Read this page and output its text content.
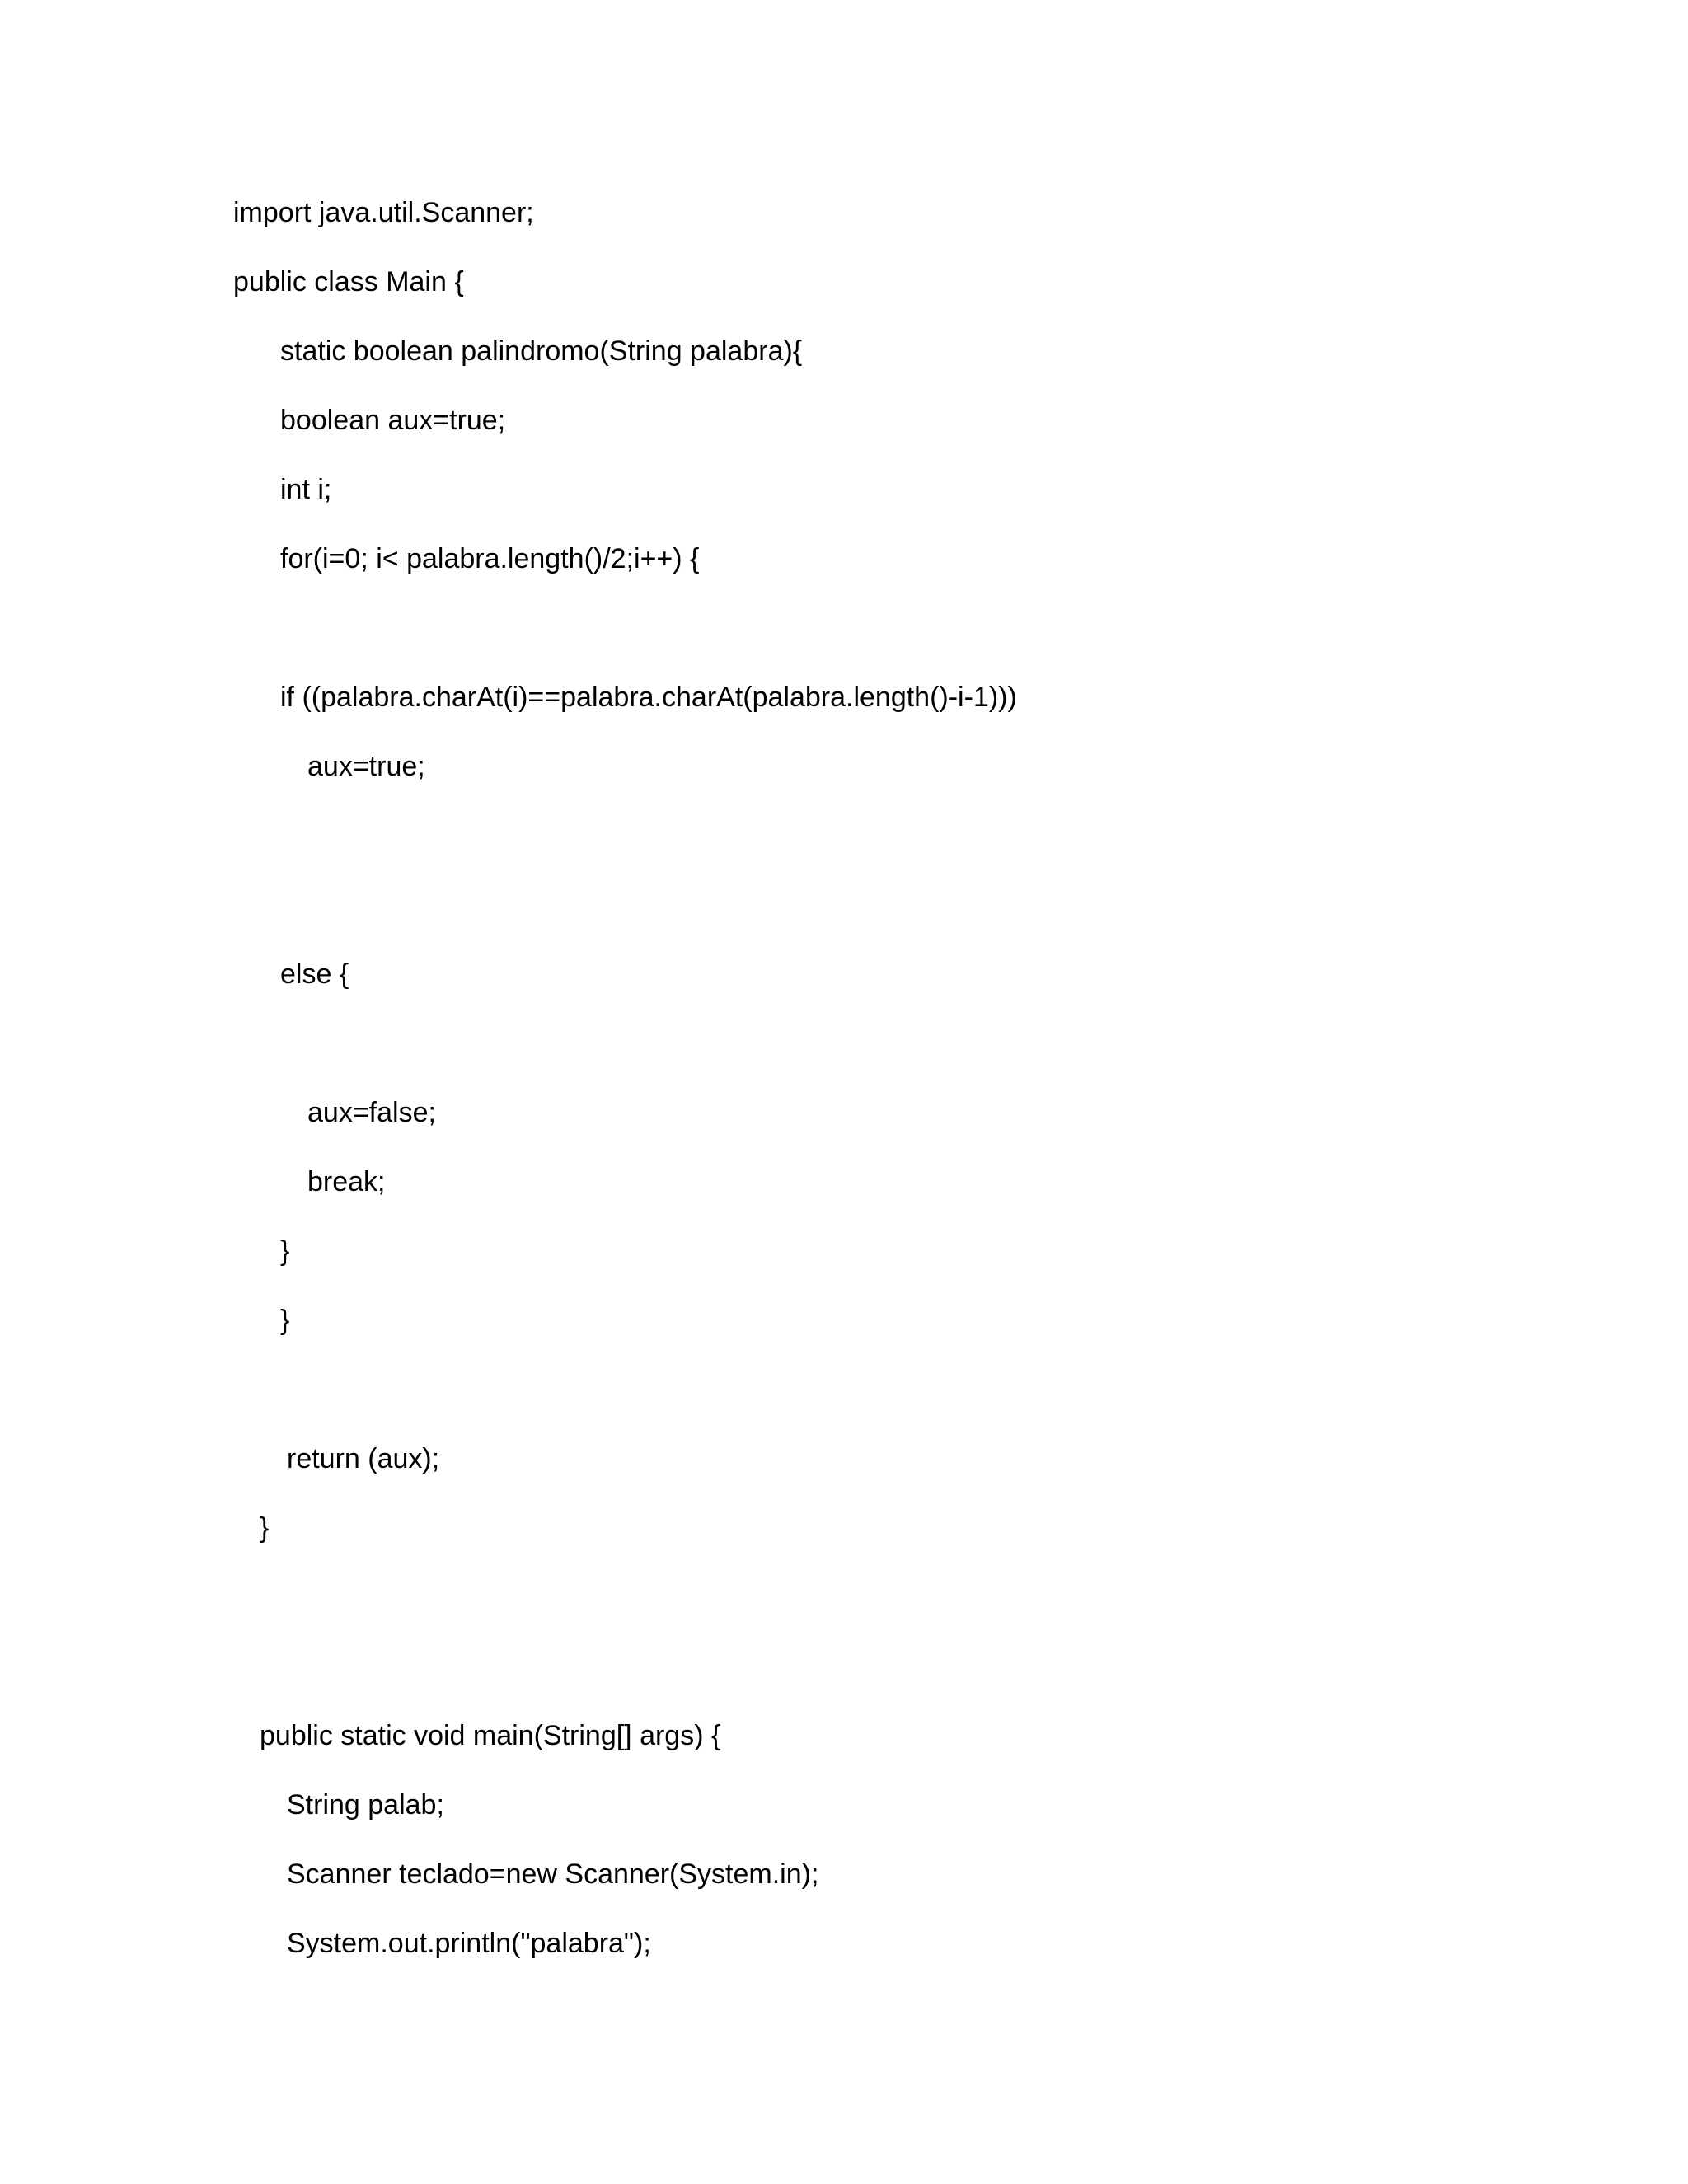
import java.util.Scanner;
public class Main {
static boolean palindromo(String palabra){
boolean aux=true;
int i;
for(i=0; i< palabra.length()/2;i++) {
if ((palabra.charAt(i)==palabra.charAt(palabra.length()-i-1)))
aux=true;
else {
aux=false;
break;
}
}
return (aux);
}
public static void main(String[] args) {
String palab;
Scanner teclado=new Scanner(System.in);
System.out.println("palabra");
